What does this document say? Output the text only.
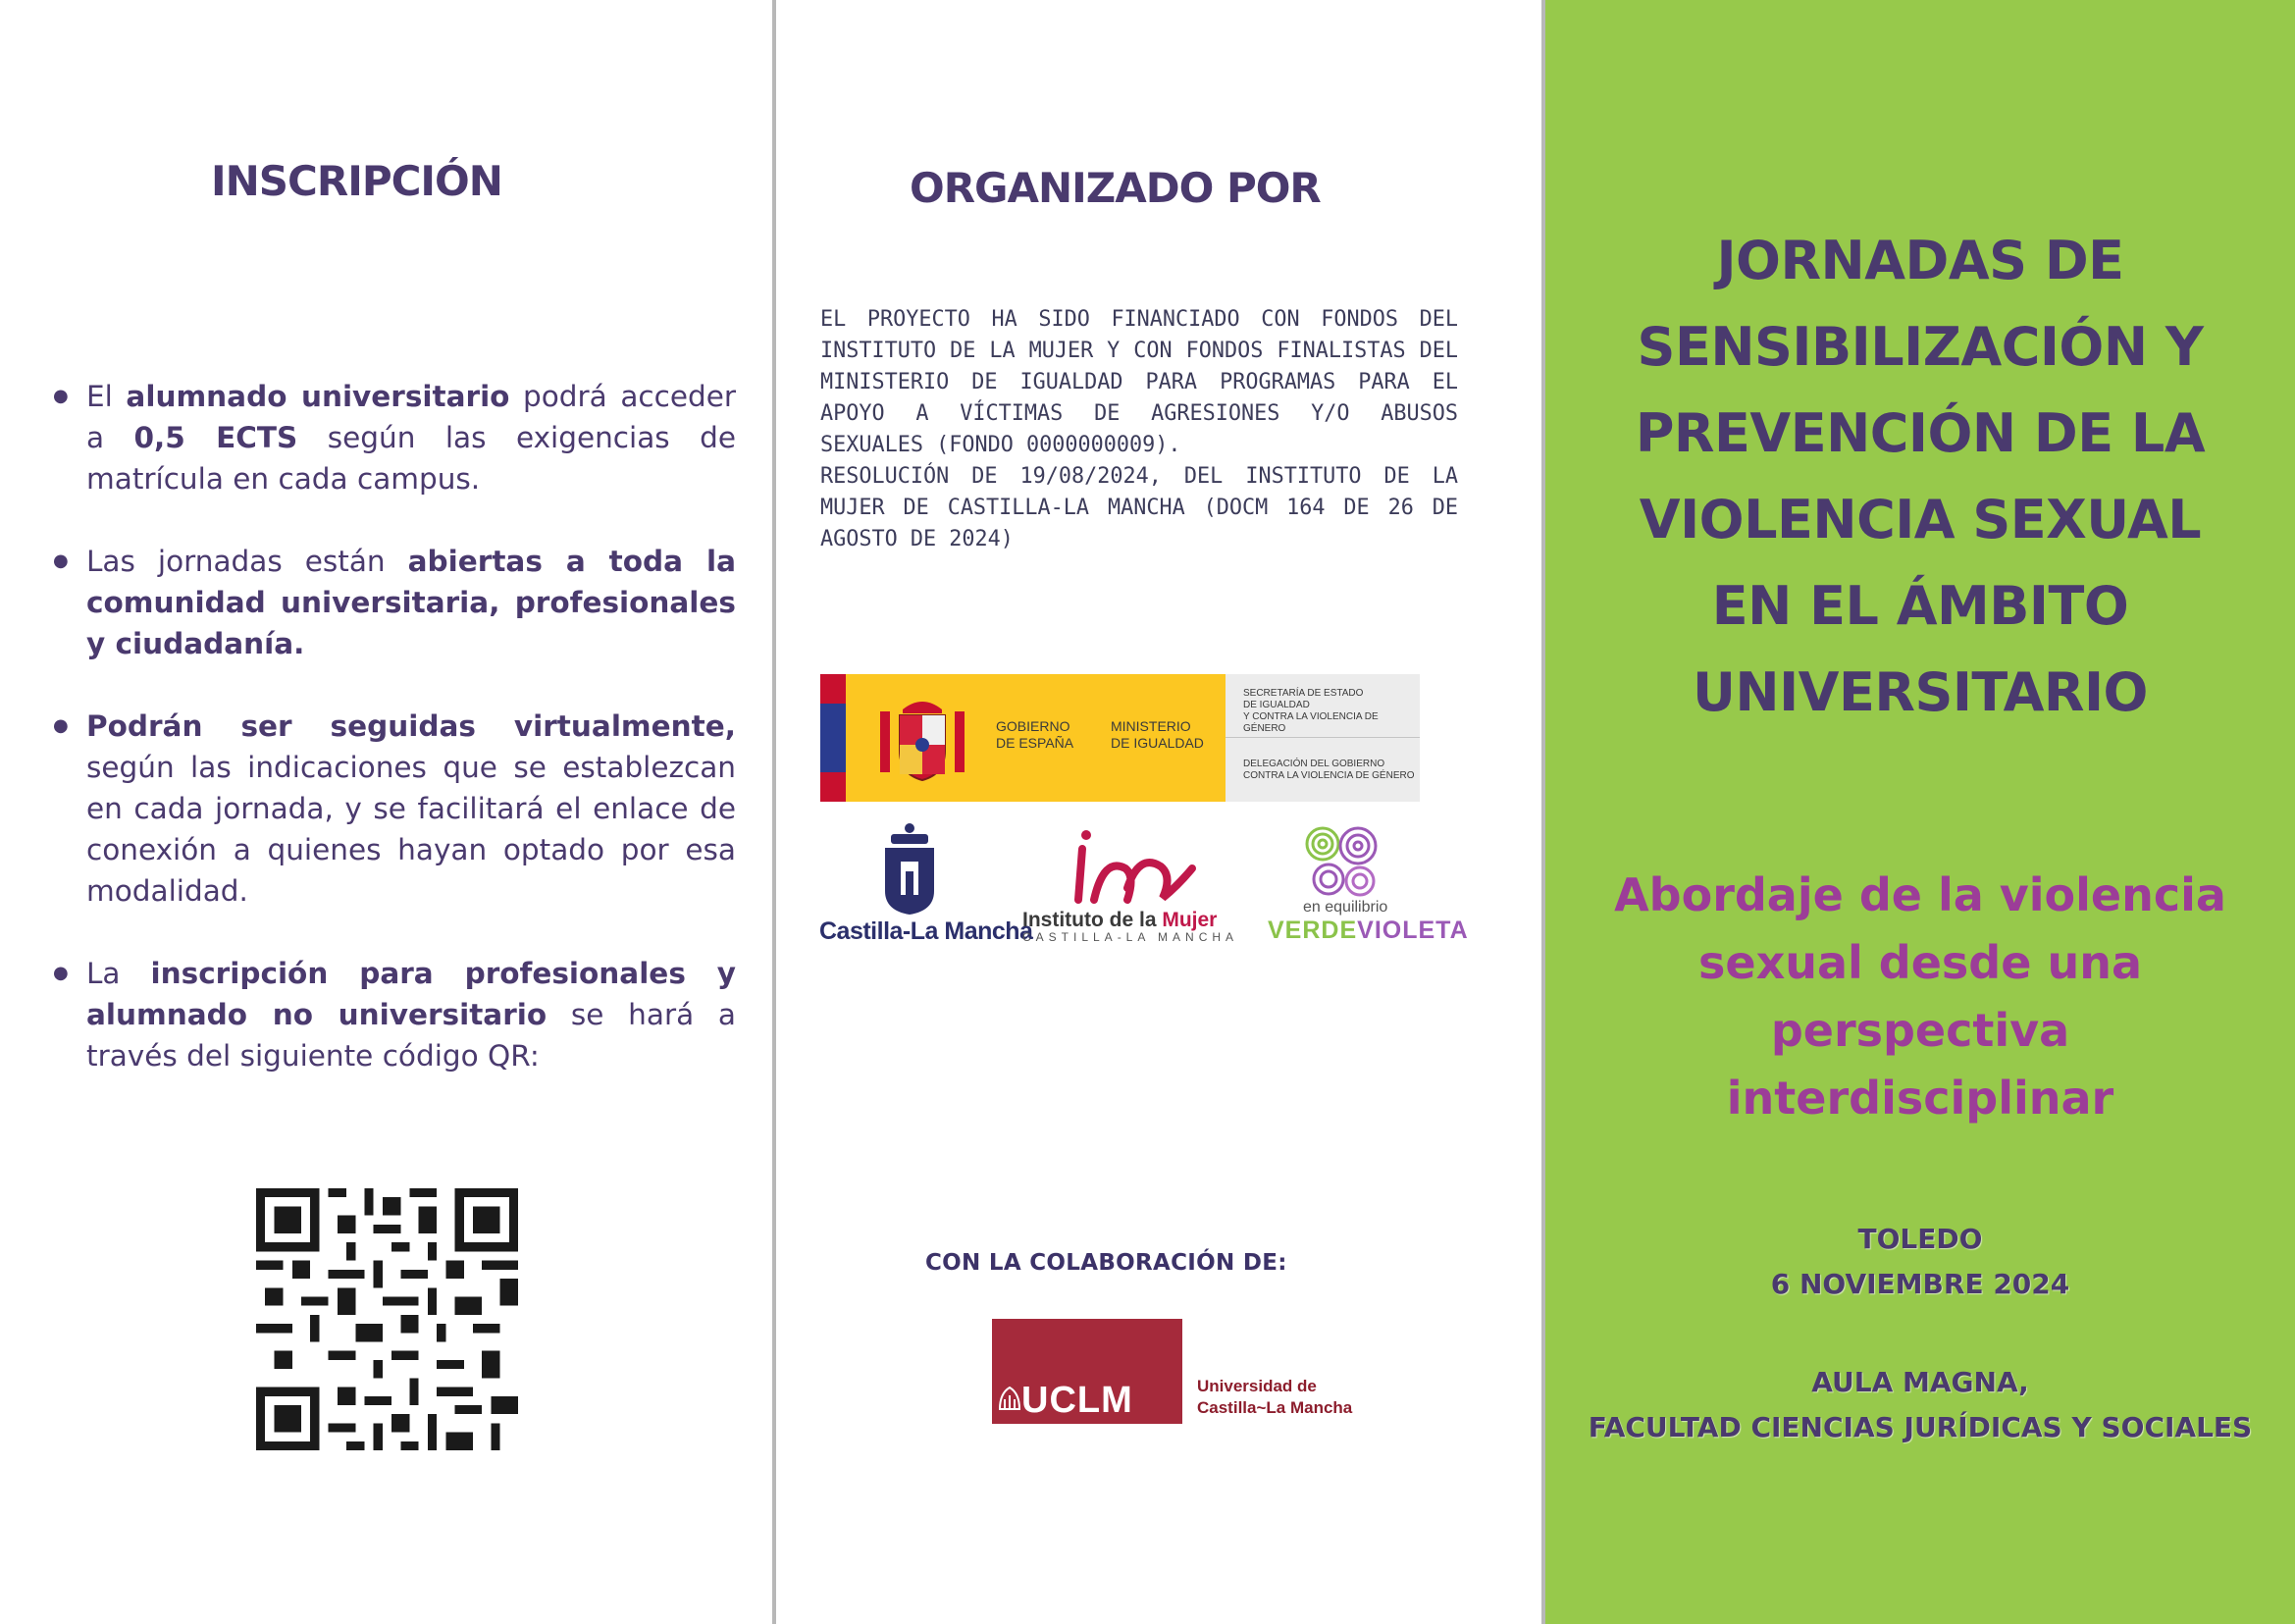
INSCRIPCIÓN
● El alumnado universitario podrá acceder a 0,5 ECTS según las exigencias de matrícula en cada campus.
● Las jornadas están abiertas a toda la comunidad universitaria, profesionales y ciudadanía.
● Podrán ser seguidas virtualmente, según las indicaciones que se establezcan en cada jornada, y se facilitará el enlace de conexión a quienes hayan optado por esa modalidad.
● La inscripción para profesionales y alumnado no universitario se hará a través del siguiente código QR:
ORGANIZADO POR

EL PROYECTO HA SIDO FINANCIADO CON FONDOS DEL INSTITUTO DE LA MUJER Y CON FONDOS FINALISTAS DEL MINISTERIO DE IGUALDAD PARA PROGRAMAS PARA EL APOYO A VÍCTIMAS DE AGRESIONES Y/O ABUSOS SEXUALES (FONDO 0000000009).

RESOLUCIÓN DE 19/08/2024, DEL INSTITUTO DE LA MUJER DE CASTILLA-LA MANCHA (DOCM 164 DE 26 DE AGOSTO DE 2024)

GOBIERNO
DE ESPAÑA
MINISTERIO
DE IGUALDAD
SECRETARÍA DE ESTADO
DE IGUALDAD
Y CONTRA LA VIOLENCIA DE GÉNERO
DELEGACIÓN DEL GOBIERNO
CONTRA LA VIOLENCIA DE GÉNERO
Castilla-La Mancha
Instituto de la Mujer
CASTILLA-LA MANCHA
en equilibrio
VERDEVIOLETA
CON LA COLABORACIÓN DE:
UCLM	Universidad de
Castilla~La Mancha
JORNADAS DE
SENSIBILIZACIÓN Y
PREVENCIÓN DE LA
VIOLENCIA SEXUAL
EN EL ÁMBITO
UNIVERSITARIO
Abordaje de la violencia
sexual desde una
perspectiva
interdisciplinar
TOLEDO
6 NOVIEMBRE 2024
AULA MAGNA,
FACULTAD CIENCIAS JURÍDICAS Y SOCIALES
